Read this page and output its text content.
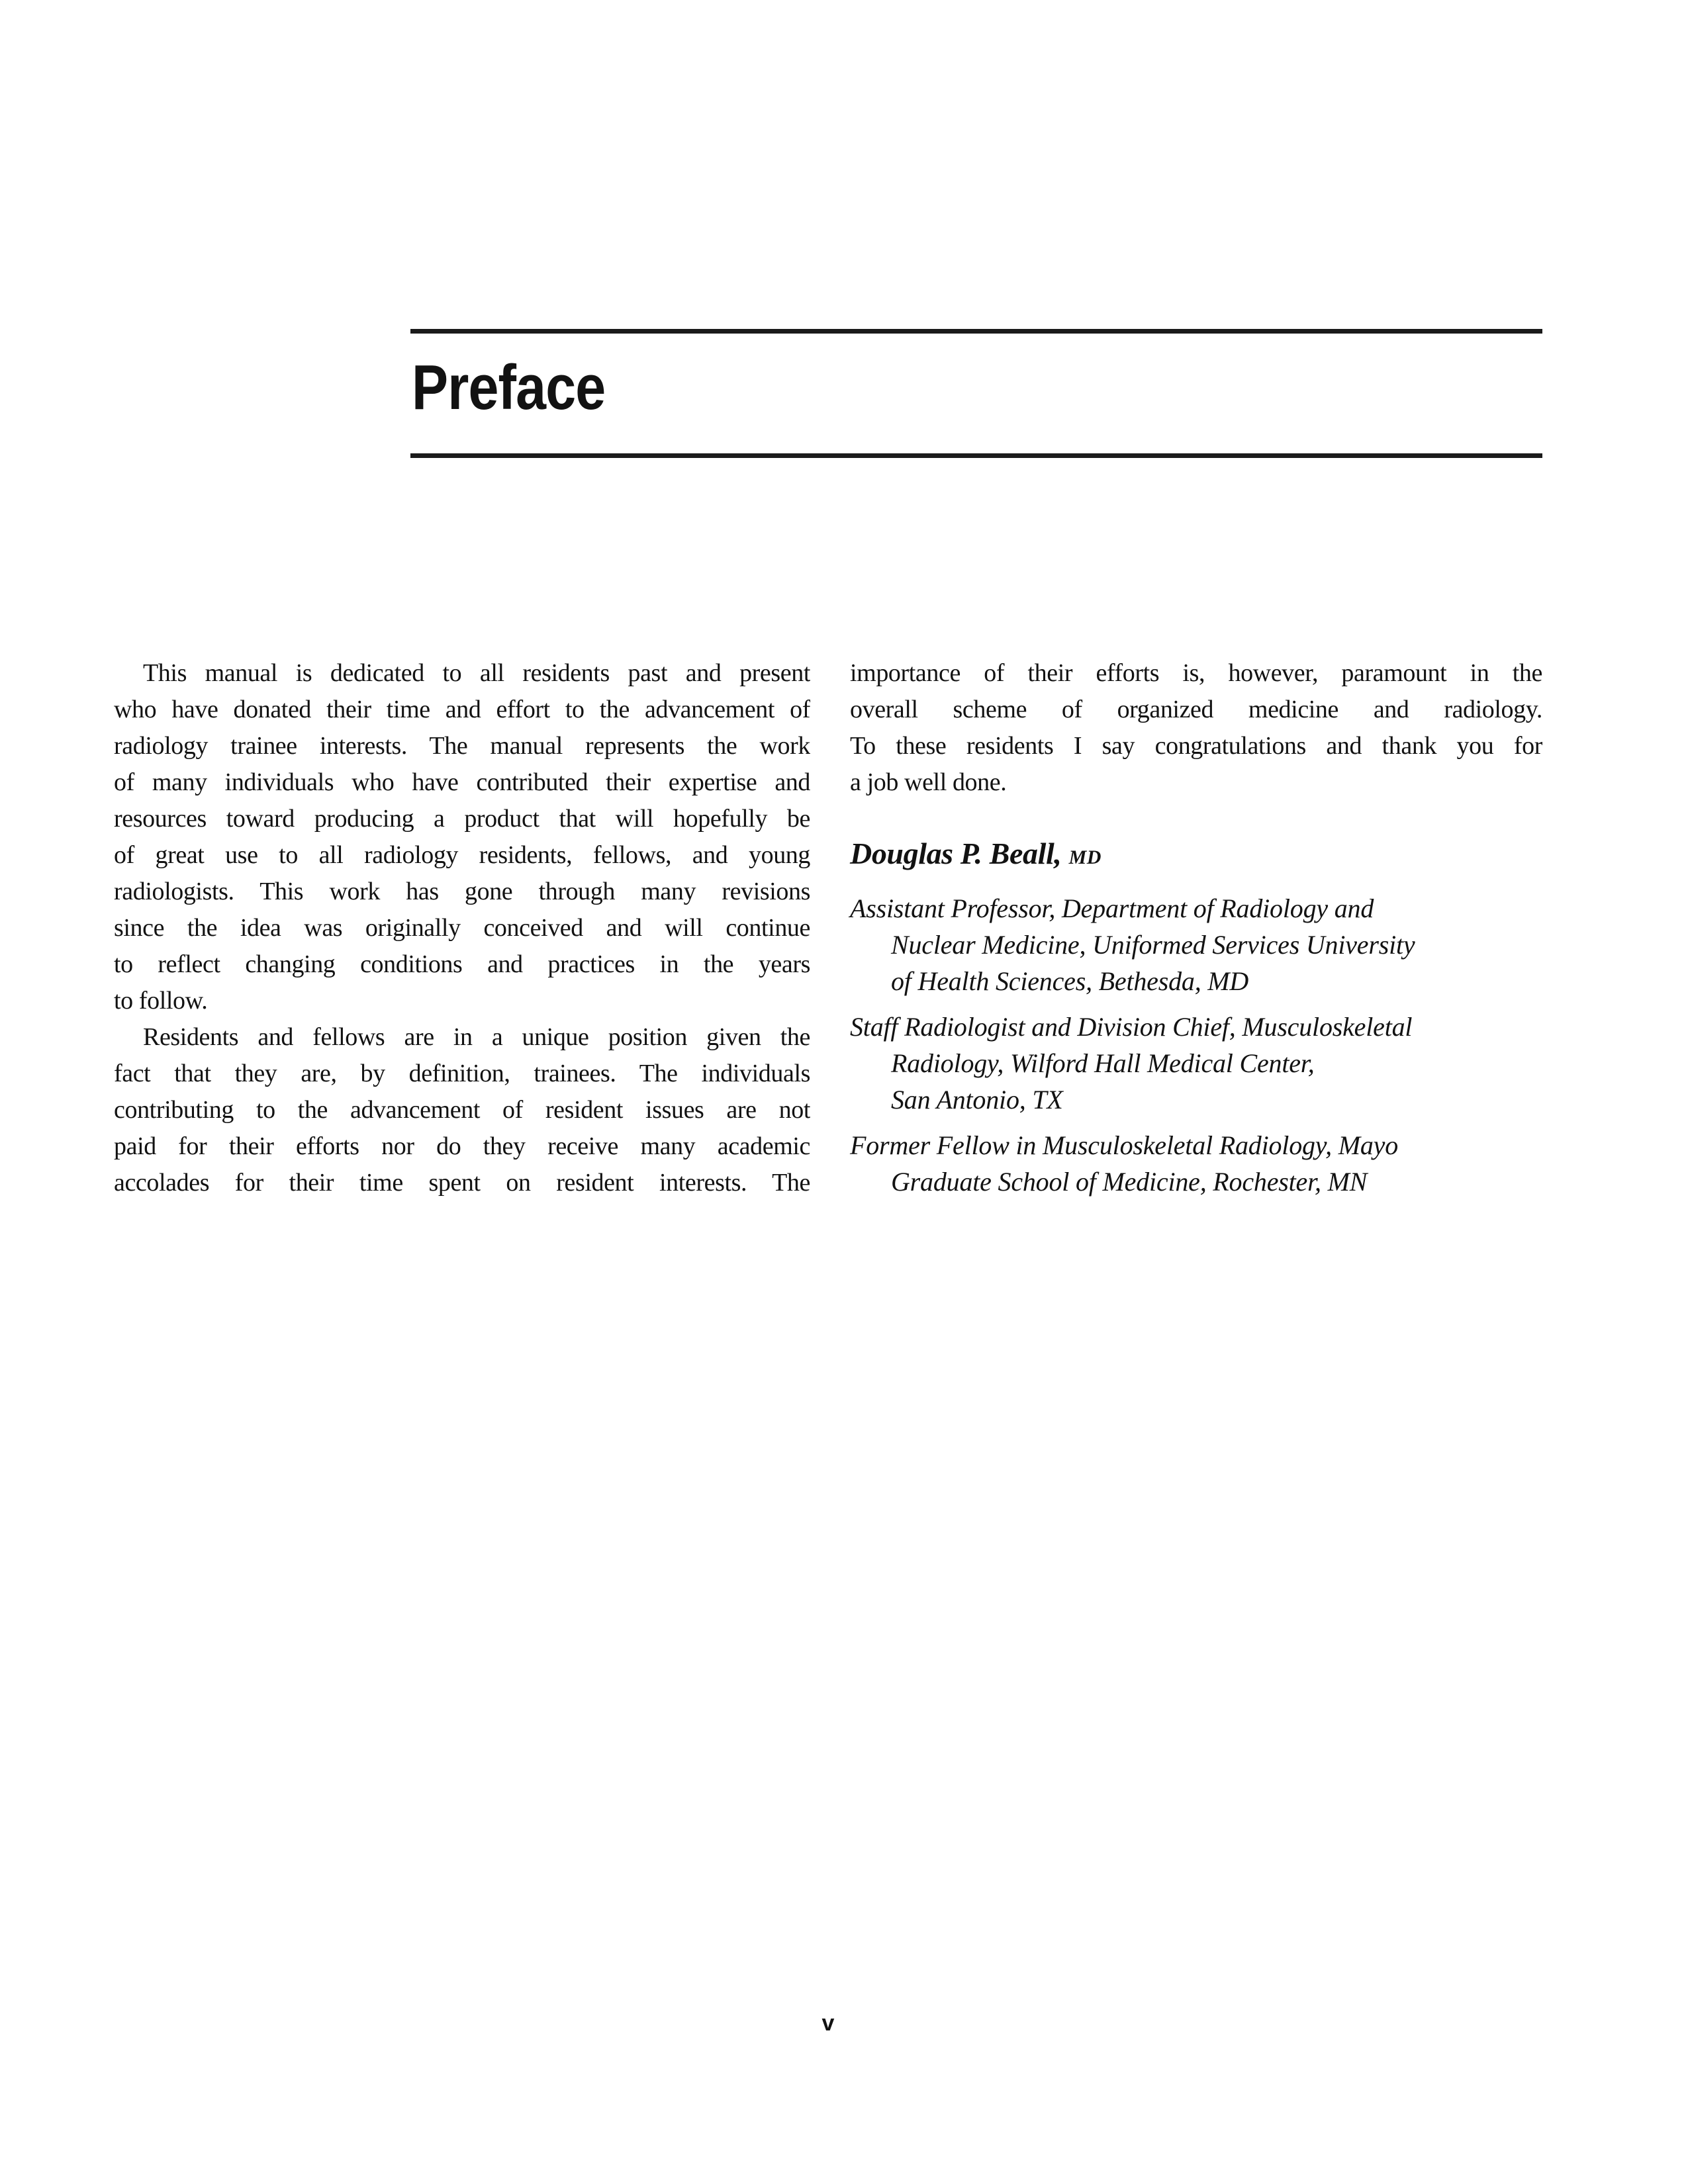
Preface
This manual is dedicated to all residents past and present
who have donated their time and effort to the advancement of
radiology trainee interests. The manual represents the work
of many individuals who have contributed their expertise and
resources toward producing a product that will hopefully be
of great use to all radiology residents, fellows, and young
radiologists. This work has gone through many revisions
since the idea was originally conceived and will continue
to reflect changing conditions and practices in the years
to follow.
Residents and fellows are in a unique position given the
fact that they are, by definition, trainees. The individuals
contributing to the advancement of resident issues are not
paid for their efforts nor do they receive many academic
accolades for their time spent on resident interests. The
importance of their efforts is, however, paramount in the
overall scheme of organized medicine and radiology.
To these residents I say congratulations and thank you for
a job well done.
Douglas P. Beall, MD
Assistant Professor, Department of Radiology and
Nuclear Medicine, Uniformed Services University
of Health Sciences, Bethesda, MD
Staff Radiologist and Division Chief, Musculoskeletal
Radiology, Wilford Hall Medical Center,
San Antonio, TX
Former Fellow in Musculoskeletal Radiology, Mayo
Graduate School of Medicine, Rochester, MN
v
